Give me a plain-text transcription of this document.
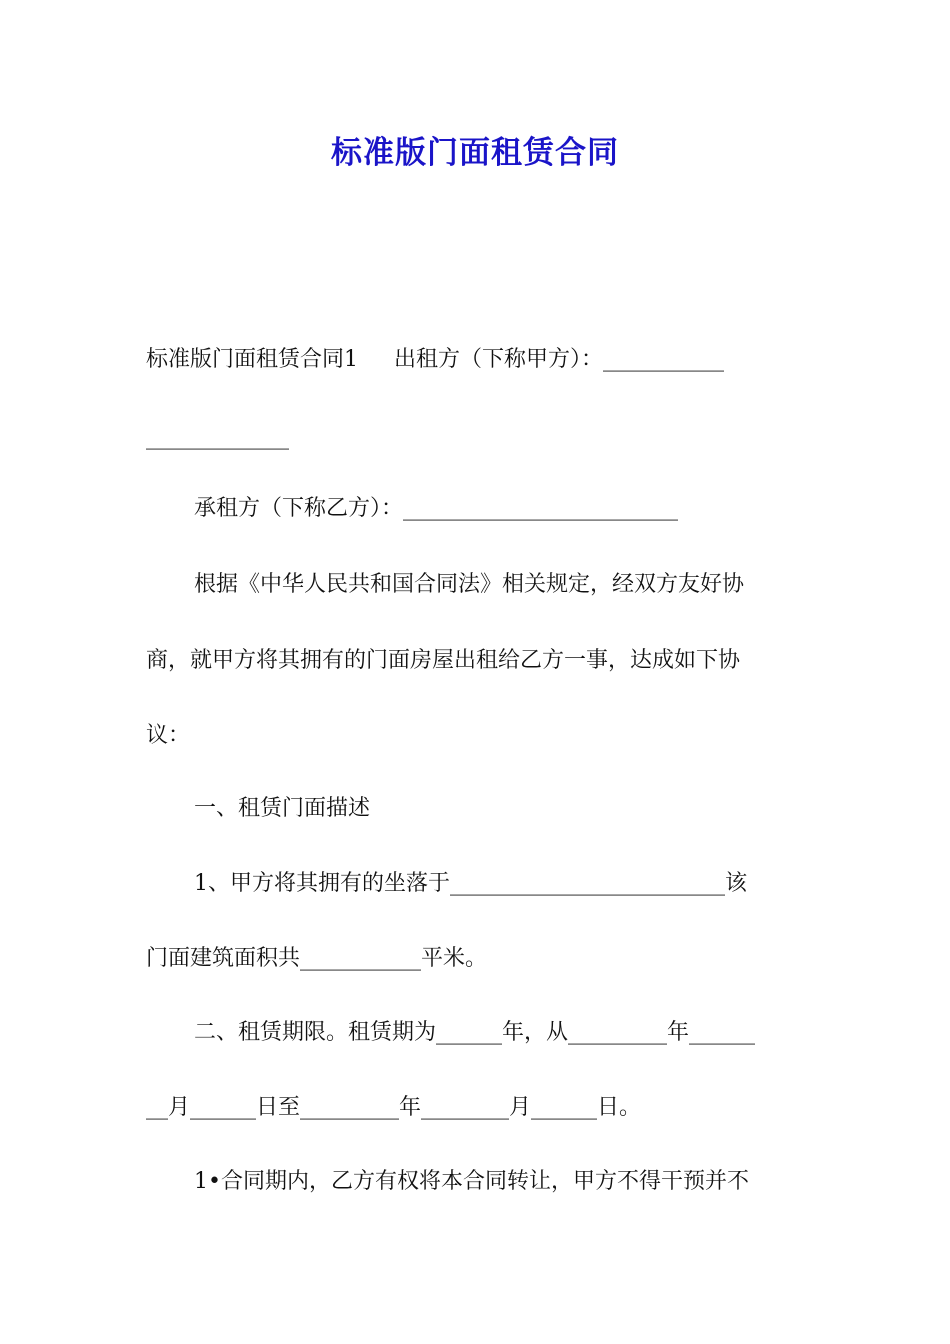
标准版门面租赁合同
标准版门面租赁合同1 出租方（下称甲方）：___________
_____________
承租方（下称乙方）：_________________________
根据《中华人民共和国合同法》相关规定，经双方友好协
商，就甲方将其拥有的门面房屋出租给乙方一事，达成如下协
议：
一、租赁门面描述
1、甲方将其拥有的坐落于_________________________该
门面建筑面积共___________平米。
二、租赁期限。租赁期为______年，从_________年______
__月______日至_________年________月______日。
1•合同期内，乙方有权将本合同转让，甲方不得干预并不
